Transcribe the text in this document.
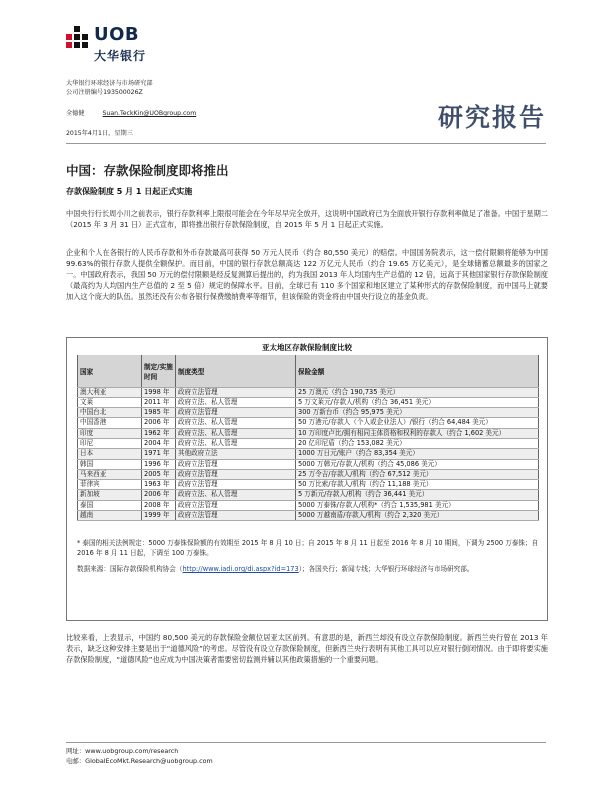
UOB
大华银行
大华银行环球经济与市场研究部
公司注册编号193500026Z
全德健	Suan.TeckKin@UOBgroup.com
2015年4月1日，星期三
研究报告
中国：存款保险制度即将推出
存款保险制度 5 月 1 日起正式实施
中国央行行长周小川之前表示，银行存款利率上限很可能会在今年尽早完全放开，这说明中国政府已为全面放开银行存款利率做足了准备。中国于星期二（2015 年 3 月 31 日）正式宣布，即将推出银行存款保险制度，自 2015 年 5 月 1 日起正式实施。
企业和个人在各银行的人民币存款和外币存款最高可获得 50 万元人民币（约合 80,550 美元）的赔偿。中国国务院表示，这一偿付限额将能够为中国 99.63%的银行存款人提供全额保护。而目前，中国的银行存款总额高达 122 万亿元人民币（约合 19.65 万亿美元），是全球储蓄总额最多的国家之一。中国政府表示，我国 50 万元的偿付限额是经反复测算后提出的，约为我国 2013 年人均国内生产总值的 12 倍，远高于其他国家银行存款保险制度（最高约为人均国内生产总值的 2 至 5 倍）规定的保障水平。目前，全球已有 110 多个国家和地区建立了某种形式的存款保险制度，而中国马上就要加入这个庞大的队伍。虽然还没有公布各银行保费缴纳费率等细节，但该保险的资金将由中国央行设立的基金负责。
亚太地区存款保险制度比较
国家	制定/实施时间	制度类型	保险金额
澳大利亚	1998 年	政府立法管理	25 万澳元（约合 190,735 美元）
文莱	2011 年	政府立法、私人管理	5 万文莱元/存款人/机构（约合 36,451 美元）
中国台北	1985 年	政府立法管理	300 万新台币（约合 95,975 美元）
中国香港	2006 年	政府立法、私人管理	50 万港元/存款人（个人或企业法人）/银行（约合 64,484 美元）
印度	1962 年	政府立法、私人管理	10 万印度卢比/拥有相同主体资格和权利的存款人（约合 1,602 美元）
印尼	2004 年	政府立法、私人管理	20 亿印尼盾（约合 153,082 美元）
日本	1971 年	其他政府立法	1000 万日元/账户（约合 83,354 美元）
韩国	1996 年	政府立法管理	5000 万韩元/存款人/机构（约合 45,086 美元）
马来西亚	2005 年	政府立法管理	25 万令吉/存款人/机构（约合 67,512 美元）
菲律宾	1963 年	政府立法管理	50 万比索/存款人/机构（约合 11,188 美元）
新加坡	2006 年	政府立法、私人管理	5 万新元/存款人/机构（约合 36,441 美元）
泰国	2008 年	政府立法管理	5000 万泰铢/存款人/机构*（约合 1,535,981 美元）
越南	1999 年	政府立法管理	5000 万越南盾/存款人/机构（约合 2,320 美元）
* 泰国的相关法例规定：5000 万泰铢保险额的有效期至 2015 年 8 月 10 日；自 2015 年 8 月 11 日起至 2016 年 8 月 10 期间，下调为 2500 万泰铢；自 2016 年 8 月 11 日起，下调至 100 万泰铢。
数据来源：国际存款保险机构协会（http://www.iadi.org/di.aspx?id=173）；各国央行；新闻专线；大华银行环球经济与市场研究部。
比较来看，上表显示，中国约 80,500 美元的存款保险金额位居亚太区前列。有意思的是，新西兰却没有设立存款保险制度。新西兰央行曾在 2013 年表示，缺乏这种安排主要是出于“道德风险”的考虑。尽管没有设立存款保险制度，但新西兰央行表明有其他工具可以应对银行倒闭情况。由于即将要实施存款保险制度，“道德风险”也应成为中国决策者需要密切监测并辅以其他政策措施的一个重要问题。
网址：www.uobgroup.com/research
电邮：GlobalEcoMkt.Research@uobgroup.com
